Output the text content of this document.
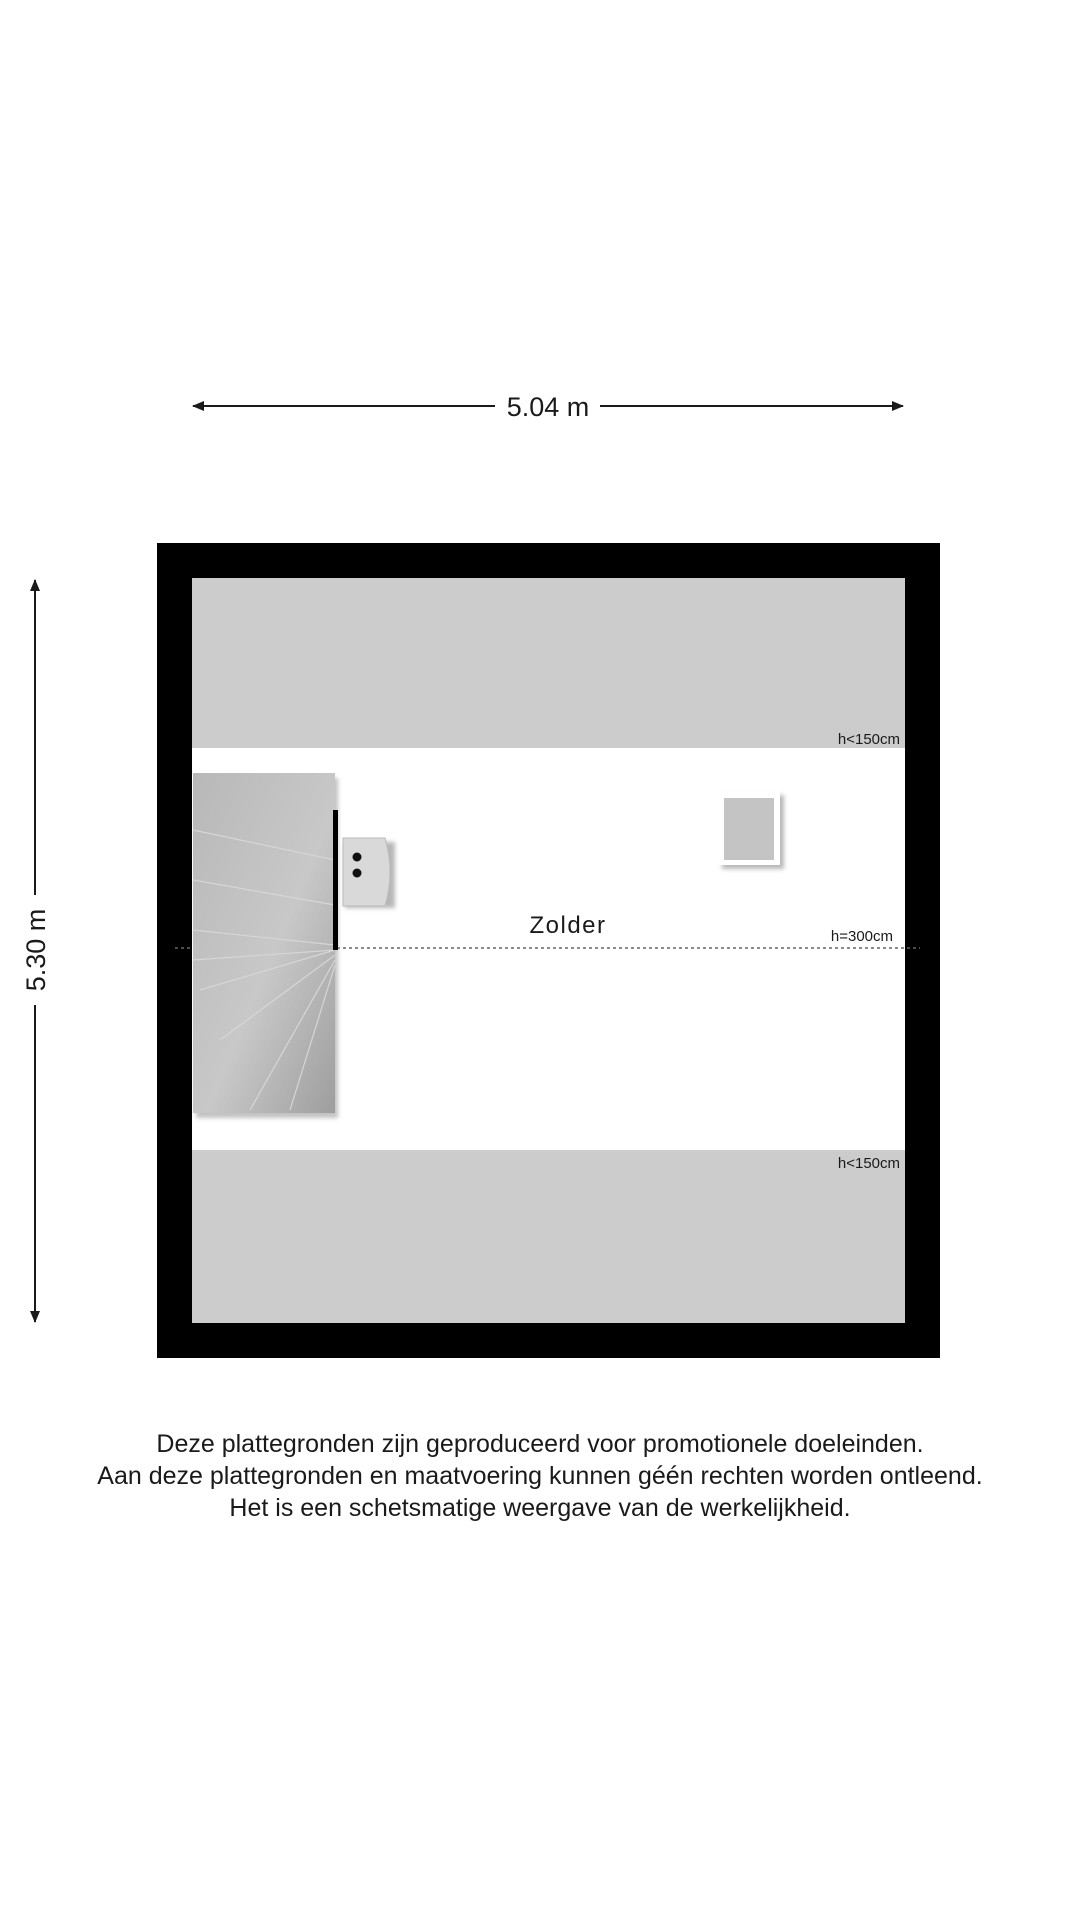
5.04 m
5.30 m
h<150cm
h<150cm
h=300cm
Zolder
Deze plattegronden zijn geproduceerd voor promotionele doeleinden.
Aan deze plattegronden en maatvoering kunnen géén rechten worden ontleend.
Het is een schetsmatige weergave van de werkelijkheid.
